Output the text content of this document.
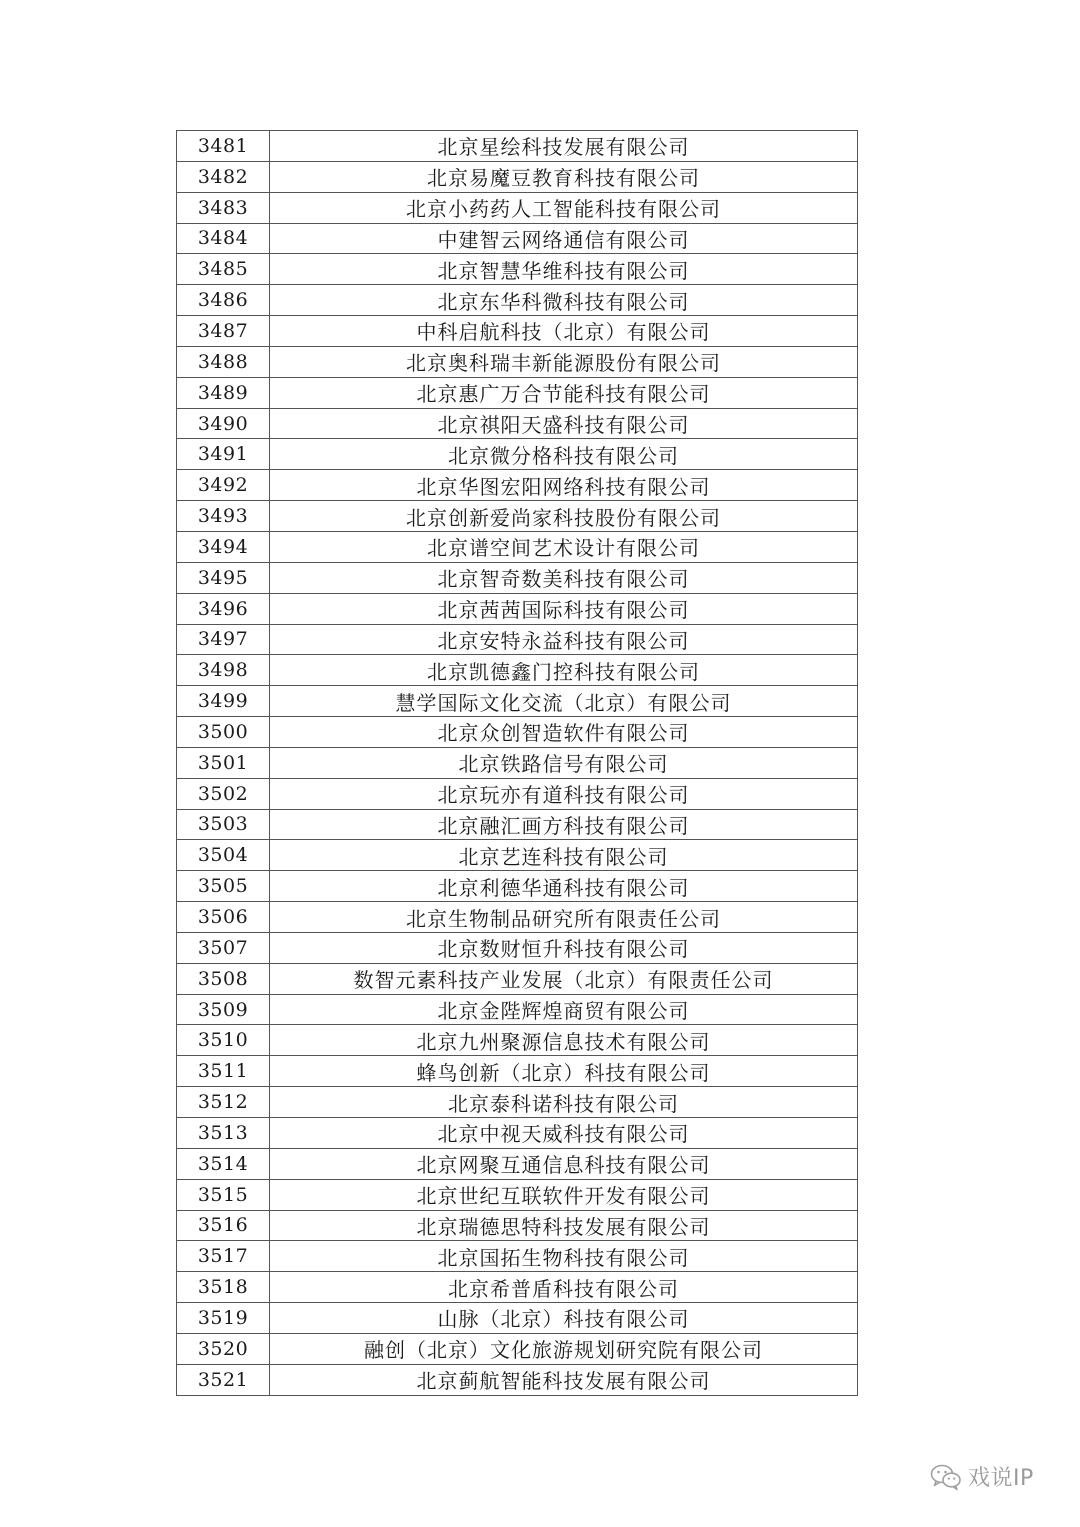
3481	北京星绘科技发展有限公司
3482	北京易魔豆教育科技有限公司
3483	北京小药药人工智能科技有限公司
3484	中建智云网络通信有限公司
3485	北京智慧华维科技有限公司
3486	北京东华科微科技有限公司
3487	中科启航科技（北京）有限公司
3488	北京奥科瑞丰新能源股份有限公司
3489	北京惠广万合节能科技有限公司
3490	北京祺阳天盛科技有限公司
3491	北京微分格科技有限公司
3492	北京华图宏阳网络科技有限公司
3493	北京创新爱尚家科技股份有限公司
3494	北京谱空间艺术设计有限公司
3495	北京智奇数美科技有限公司
3496	北京茜茜国际科技有限公司
3497	北京安特永益科技有限公司
3498	北京凯德鑫门控科技有限公司
3499	慧学国际文化交流（北京）有限公司
3500	北京众创智造软件有限公司
3501	北京铁路信号有限公司
3502	北京玩亦有道科技有限公司
3503	北京融汇画方科技有限公司
3504	北京艺连科技有限公司
3505	北京利德华通科技有限公司
3506	北京生物制品研究所有限责任公司
3507	北京数财恒升科技有限公司
3508	数智元素科技产业发展（北京）有限责任公司
3509	北京金陛辉煌商贸有限公司
3510	北京九州聚源信息技术有限公司
3511	蜂鸟创新（北京）科技有限公司
3512	北京泰科诺科技有限公司
3513	北京中视天威科技有限公司
3514	北京网聚互通信息科技有限公司
3515	北京世纪互联软件开发有限公司
3516	北京瑞德思特科技发展有限公司
3517	北京国拓生物科技有限公司
3518	北京希普盾科技有限公司
3519	山脉（北京）科技有限公司
3520	融创（北京）文化旅游规划研究院有限公司
3521	北京蓟航智能科技发展有限公司
戏说IP
